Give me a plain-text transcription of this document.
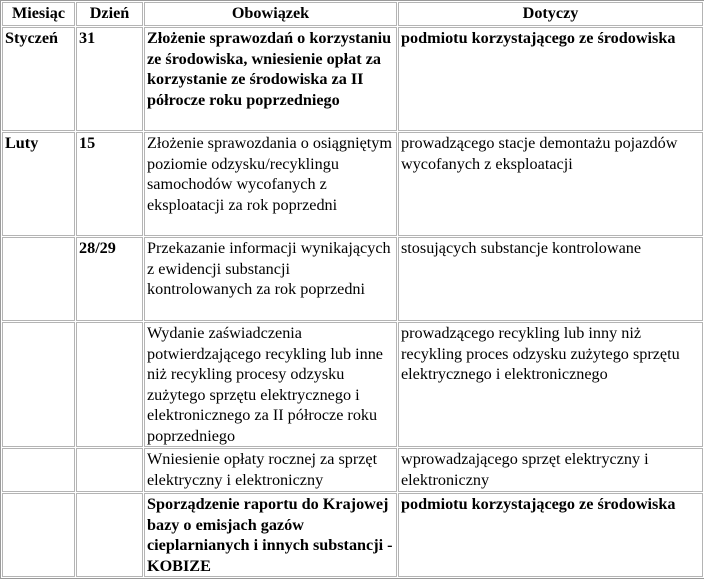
Miesiąc	Dzień	Obowiązek	Dotyczy
Styczeń	31	Złożenie sprawozdań o korzystaniu ze środowiska, wniesienie opłat za korzystanie ze środowiska za II półrocze roku poprzedniego	podmiotu korzystającego ze środowiska
Luty	15	Złożenie sprawozdania o osiągniętym poziomie odzysku/recyklingu samochodów wycofanych z eksploatacji za rok poprzedni	prowadzącego stacje demontażu pojazdów wycofanych z eksploatacji
	28/29	Przekazanie informacji wynikających z ewidencji substancji kontrolowanych za rok poprzedni	stosujących substancje kontrolowane
		Wydanie zaświadczenia potwierdzającego recykling lub inne niż recykling procesy odzysku zużytego sprzętu elektrycznego i elektronicznego za II półrocze roku poprzedniego	prowadzącego recykling lub inny niż recykling proces odzysku zużytego sprzętu elektrycznego i elektronicznego
		Wniesienie opłaty rocznej za sprzęt elektryczny i elektroniczny	wprowadzającego sprzęt elektryczny i elektroniczny
		Sporządzenie raportu do Krajowej bazy o emisjach gazów cieplarnianych i innych substancji - KOBIZE	podmiotu korzystającego ze środowiska
